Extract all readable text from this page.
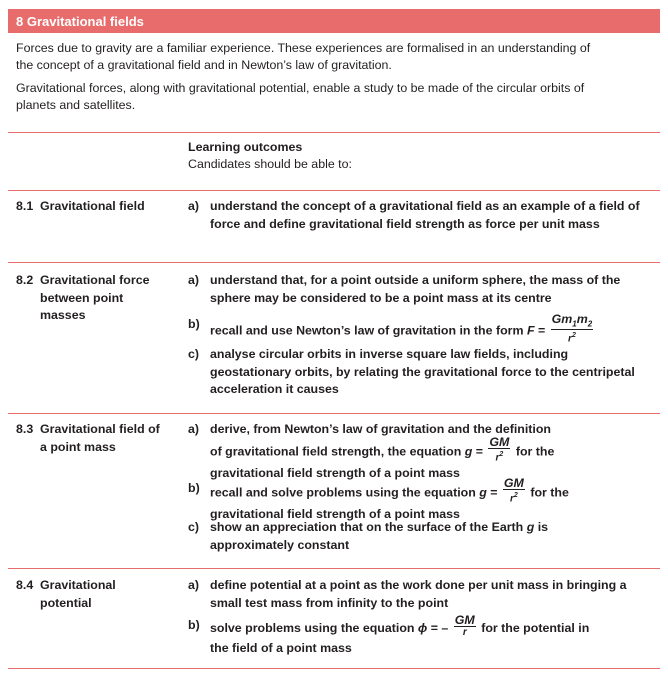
8 Gravitational fields
Forces due to gravity are a familiar experience. These experiences are formalised in an understanding of
the concept of a gravitational field and in Newton’s law of gravitation.
Gravitational forces, along with gravitational potential, enable a study to be made of the circular orbits of
planets and satellites.
Learning outcomes
Candidates should be able to:
8.1 Gravitational field	a) understand the concept of a gravitational field as an example of a field of force and define gravitational field strength as force per unit mass
8.2 Gravitational force
between point
masses
a) understand that, for a point outside a uniform sphere, the mass of the sphere may be considered to be a point mass at its centre
b) recall and use Newton’s law of gravitation in the form $F = \frac{Gm_1m_2}{r^2}$
c) analyse circular orbits in inverse square law fields, including geostationary orbits, by relating the gravitational force to the centripetal acceleration it causes
8.3 Gravitational field of
a point mass
a) derive, from Newton’s law of gravitation and the definition
of gravitational field strength, the equation $g = \frac{GM}{r^2}$ for the
gravitational field strength of a point mass
b) recall and solve problems using the equation $g = \frac{GM}{r^2}$ for the
gravitational field strength of a point mass
c) show an appreciation that on the surface of the Earth g is
approximately constant
8.4 Gravitational
potential
a) define potential at a point as the work done per unit mass in bringing a small test mass from infinity to the point
b) solve problems using the equation ϕ = – $\frac{GM}{r}$ for the potential in
the field of a point mass
